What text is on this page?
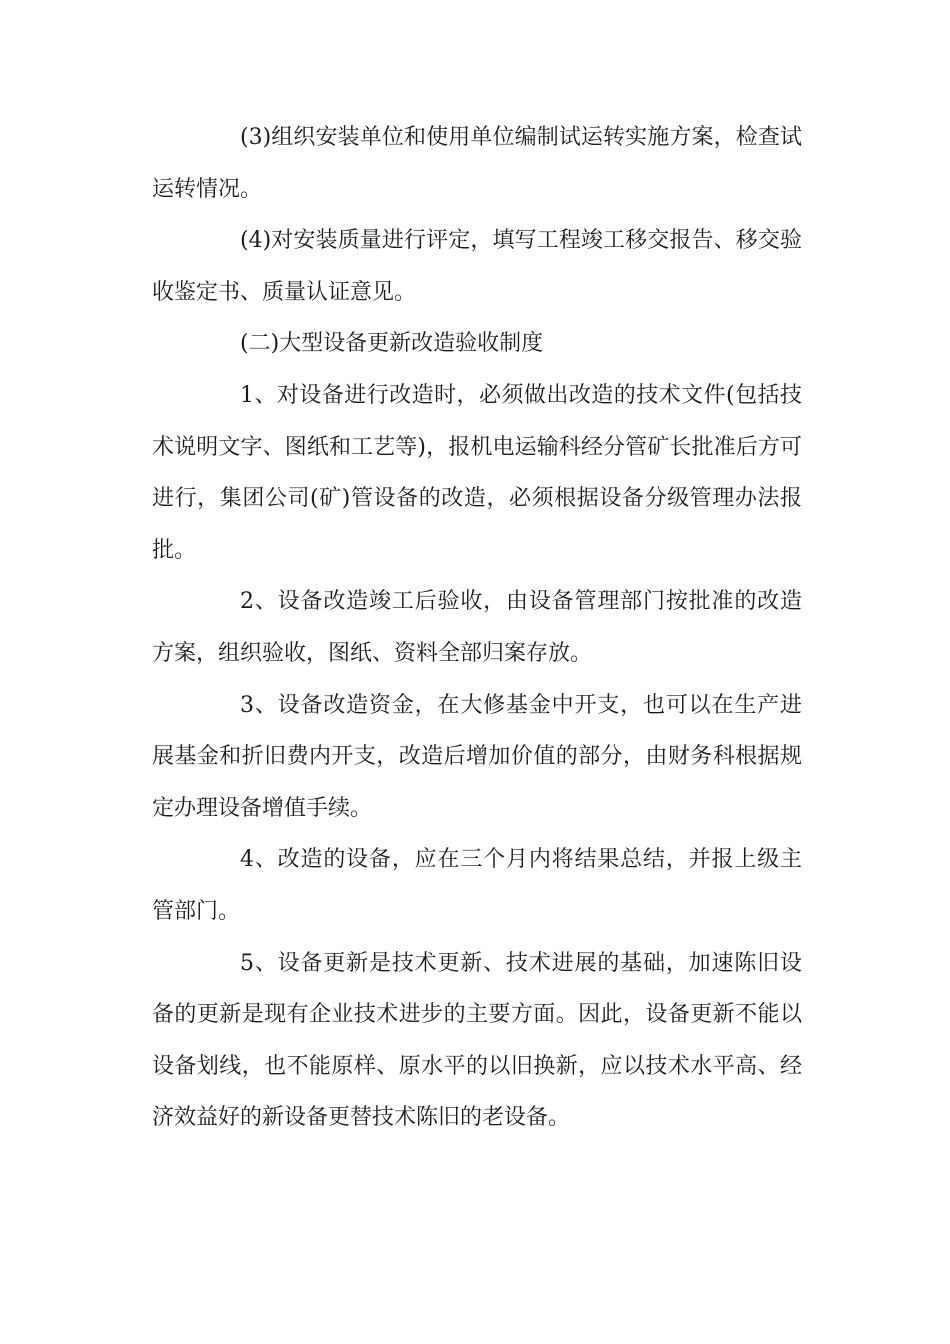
(3)组织安装单位和使用单位编制试运转实施方案，检查试运转情况。

(4)对安装质量进行评定，填写工程竣工移交报告、移交验收鉴定书、质量认证意见。

(二)大型设备更新改造验收制度

1、对设备进行改造时，必须做出改造的技术文件(包括技术说明文字、图纸和工艺等)，报机电运输科经分管矿长批准后方可进行，集团公司(矿)管设备的改造，必须根据设备分级管理办法报批。

2、设备改造竣工后验收，由设备管理部门按批准的改造方案，组织验收，图纸、资料全部归案存放。

3、设备改造资金，在大修基金中开支，也可以在生产进展基金和折旧费内开支，改造后增加价值的部分，由财务科根据规定办理设备增值手续。

4、改造的设备，应在三个月内将结果总结，并报上级主管部门。

5、设备更新是技术更新、技术进展的基础，加速陈旧设备的更新是现有企业技术进步的主要方面。因此，设备更新不能以设备划线，也不能原样、原水平的以旧换新，应以技术水平高、经济效益好的新设备更替技术陈旧的老设备。
